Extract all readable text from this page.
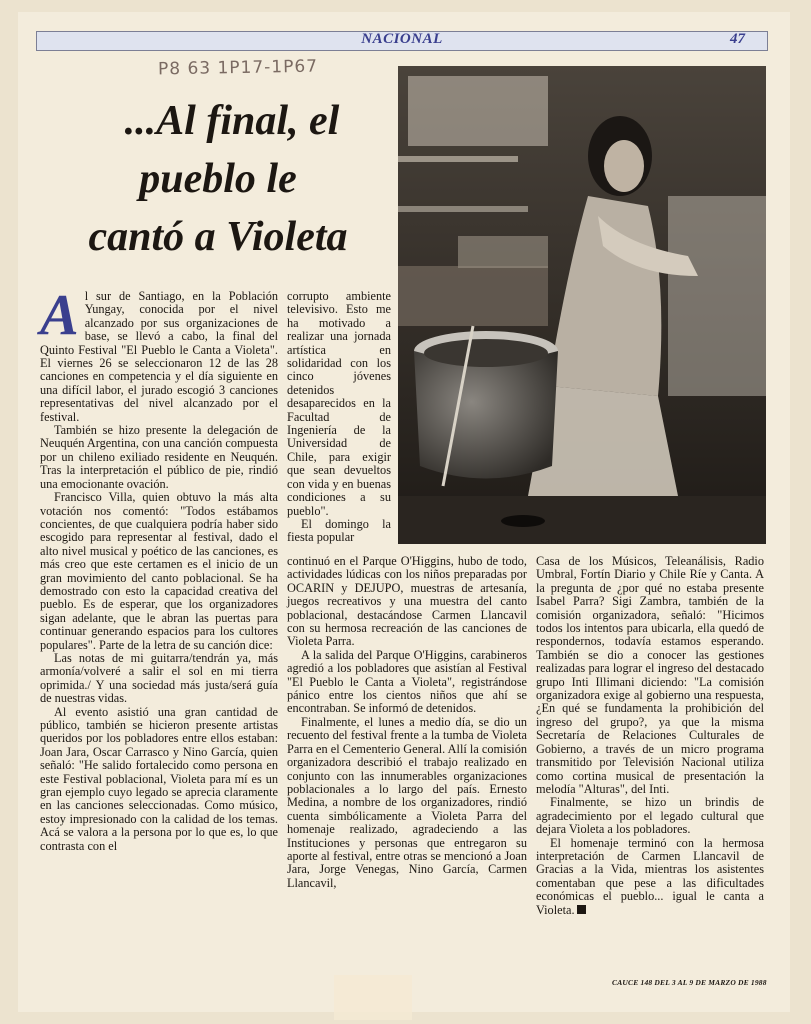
NACIONAL	47
P8 63 1P17-1P67
...Al final, el
pueblo le
cantó a Violeta

Al sur de Santiago, en la Población Yungay, conocida por el nivel alcanzado por sus organizaciones de base, se llevó a cabo, la final del Quinto Festival "El Pueblo le Canta a Violeta". El viernes 26 se seleccionaron 12 de las 28 canciones en competencia y el día siguiente en una difícil labor, el jurado escogió 3 canciones representativas del nivel alcanzado por el festival.

También se hizo presente la delegación de Neuquén Argentina, con una canción compuesta por un chileno exiliado residente en Neuquén. Tras la interpretación el público de pie, rindió una emocionante ovación.

Francisco Villa, quien obtuvo la más alta votación nos comentó: "Todos estábamos concientes, de que cualquiera podría haber sido escogido para representar al festival, dado el alto nivel musical y poético de las canciones, es más creo que este certamen es el inicio de un gran movimiento del canto poblacional. Se ha demostrado con esto la capacidad creativa del pueblo. Es de esperar, que los organizadores sigan adelante, que le abran las puertas para continuar generando espacios para los cultores populares". Parte de la letra de su canción dice:

Las notas de mi guitarra/tendrán ya, más armonía/volveré a salir el sol en mi tierra oprimida./ Y una sociedad más justa/será guía de nuestras vidas.

Al evento asistió una gran cantidad de público, también se hicieron presente artistas queridos por los pobladores entre ellos estaban: Joan Jara, Oscar Carrasco y Nino García, quien señaló: "He salido fortalecido como persona en este Festival poblacional, Violeta para mí es un gran ejemplo cuyo legado se aprecia claramente en las canciones seleccionadas. Como músico, estoy impresionado con la calidad de los temas. Acá se valora a la persona por lo que es, lo que contrasta con el

corrupto ambiente televisivo. Esto me ha motivado a realizar una jornada artística en solidaridad con los cinco jóvenes detenidos desaparecidos en la Facultad de Ingeniería de la Universidad de Chile, para exigir que sean devueltos con vida y en buenas condiciones a su pueblo".

El domingo la fiesta popular

continuó en el Parque O'Higgins, hubo de todo, actividades lúdicas con los niños preparadas por OCARIN y DEJUPO, muestras de artesanía, juegos recreativos y una muestra del canto poblacional, destacándose Carmen Llancavil con su hermosa recreación de las canciones de Violeta Parra.

A la salida del Parque O'Higgins, carabineros agredió a los pobladores que asistían al Festival "El Pueblo le Canta a Violeta", registrándose pánico entre los cientos niños que ahí se encontraban. Se informó de detenidos.

Finalmente, el lunes a medio día, se dio un recuento del festival frente a la tumba de Violeta Parra en el Cementerio General. Allí la comisión organizadora describió el trabajo realizado en conjunto con las innumerables organizaciones poblacionales a lo largo del país. Ernesto Medina, a nombre de los organizadores, rindió cuenta simbólicamente a Violeta Parra del homenaje realizado, agradeciendo a las Instituciones y personas que entregaron su aporte al festival, entre otras se mencionó a Joan Jara, Jorge Venegas, Nino García, Carmen Llancavil,

Casa de los Músicos, Teleanálisis, Radio Umbral, Fortín Diario y Chile Ríe y Canta. A la pregunta de ¿por qué no estaba presente Isabel Parra? Sigi Zambra, también de la comisión organizadora, señaló: "Hicimos todos los intentos para ubicarla, ella quedó de respondernos, todavía estamos esperando. También se dio a conocer las gestiones realizadas para lograr el ingreso del destacado grupo Inti Illimani diciendo: "La comisión organizadora exige al gobierno una respuesta, ¿En qué se fundamenta la prohibición del ingreso del grupo?, ya que la misma Secretaría de Relaciones Culturales de Gobierno, a través de un micro programa transmitido por Televisión Nacional utiliza como cortina musical de presentación la melodía "Alturas", del Inti.

Finalmente, se hizo un brindis de agradecimiento por el legado cultural que dejara Violeta a los pobladores.

El homenaje terminó con la hermosa interpretación de Carmen Llancavil de Gracias a la Vida, mientras los asistentes comentaban que pese a las dificultades económicas el pueblo... igual le canta a Violeta.

CAUCE 148 DEL 3 AL 9 DE MARZO DE 1988
